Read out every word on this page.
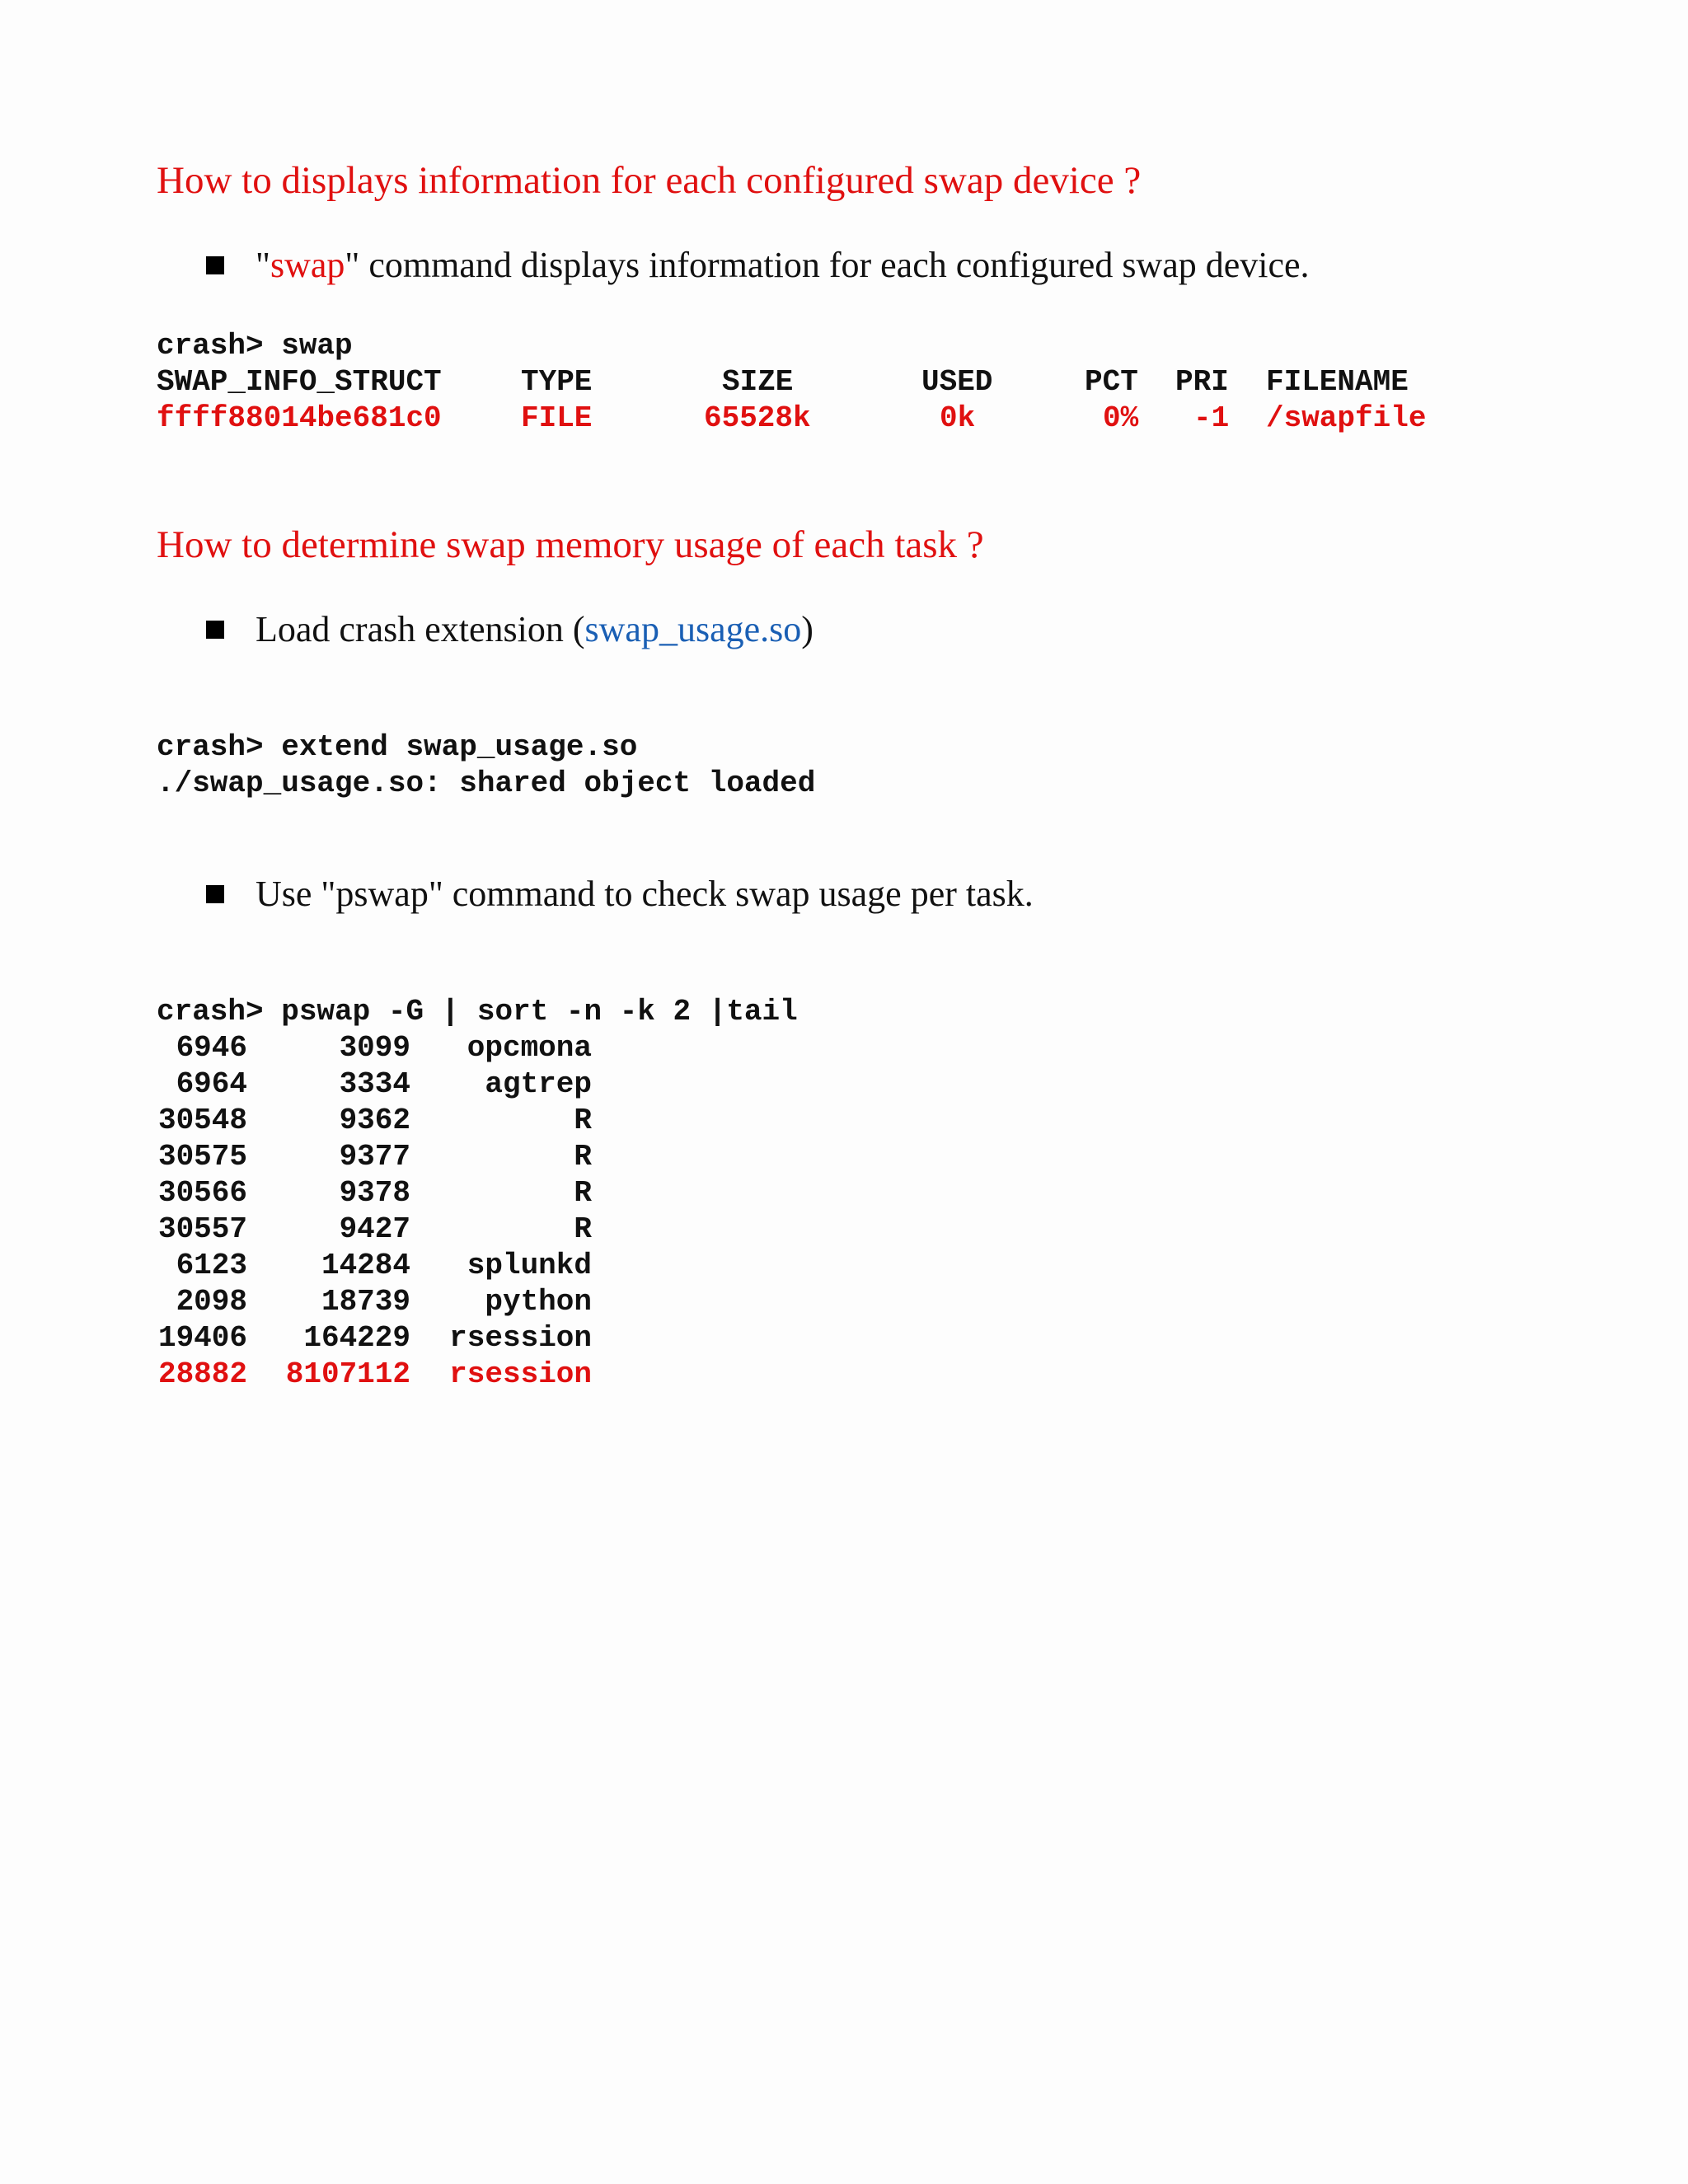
How to displays information for each configured swap device ?
"swap" command displays information for each configured swap device.
crash> swap
SWAP_INFO_STRUCT	TYPE	SIZE	USED	PCT PRI FILENAME
ffff88014be681c0	FILE	65528k	0k	0% -1 /swapfile
How to determine swap memory usage of each task ?
Load crash extension (swap_usage.so)
crash> extend swap_usage.so
./swap_usage.so: shared object loaded
Use "pswap" command to check swap usage per task.
crash> pswap -G | sort -n -k 2 |tail
6946	3099 opcmona
6964	3334	agtrep
30548	9362	R
30575	9377	R
30566	9378	R
30557	9427	R
6123 14284 splunkd
2098 18739	python
19406 164229 rsession
28882 8107112 rsession
